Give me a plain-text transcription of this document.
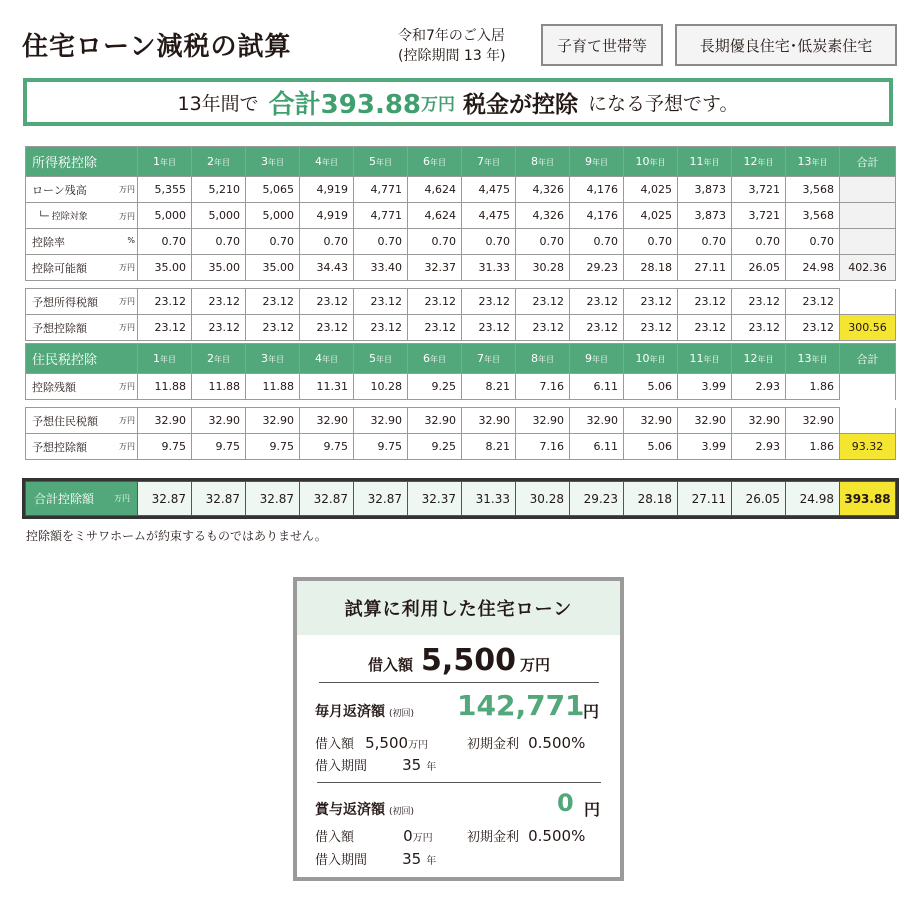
住宅ローン減税の試算	令和7年のご入居
(控除期間 13 年)
子育て世帯等	長期優良住宅･低炭素住宅
13年間で 合計393.88 万円 税金が控除 になる予想です。
所得税控除	1年目	2年目	3年目	4年目	5年目	6年目	7年目	8年目	9年目	10年目	11年目	12年目	13年目	合計
ローン残高 万円	5,355	5,210	5,065	4,919	4,771	4,624	4,475	4,326	4,176	4,025	3,873	3,721	3,568	
└─ 控除対象 万円	5,000	5,000	5,000	4,919	4,771	4,624	4,475	4,326	4,176	4,025	3,873	3,721	3,568	
控除率 %	0.70	0.70	0.70	0.70	0.70	0.70	0.70	0.70	0.70	0.70	0.70	0.70	0.70	
控除可能額 万円	35.00	35.00	35.00	34.43	33.40	32.37	31.33	30.28	29.23	28.18	27.11	26.05	24.98	402.36

予想所得税額 万円	23.12	23.12	23.12	23.12	23.12	23.12	23.12	23.12	23.12	23.12	23.12	23.12	23.12	
予想控除額 万円	23.12	23.12	23.12	23.12	23.12	23.12	23.12	23.12	23.12	23.12	23.12	23.12	23.12	300.56
住民税控除	1年目	2年目	3年目	4年目	5年目	6年目	7年目	8年目	9年目	10年目	11年目	12年目	13年目	合計
控除残額 万円	11.88	11.88	11.88	11.31	10.28	9.25	8.21	7.16	6.11	5.06	3.99	2.93	1.86	

予想住民税額 万円	32.90	32.90	32.90	32.90	32.90	32.90	32.90	32.90	32.90	32.90	32.90	32.90	32.90	
予想控除額 万円	9.75	9.75	9.75	9.75	9.75	9.25	8.21	7.16	6.11	5.06	3.99	2.93	1.86	93.32
合計控除額 万円	32.87	32.87	32.87	32.87	32.87	32.37	31.33	30.28	29.23	28.18	27.11	26.05	24.98	393.88
控除額をミサワホームが約束するものではありません。
試算に利用した住宅ローン
借入額 5,500 万円
毎月返済額 (初回) 142,771
円
借入額 5,500万円	初期金利 0.500%
借入期間 35 年
賞与返済額 (初回)	0 円
借入額	0万円	初期金利 0.500%
借入期間 35 年
